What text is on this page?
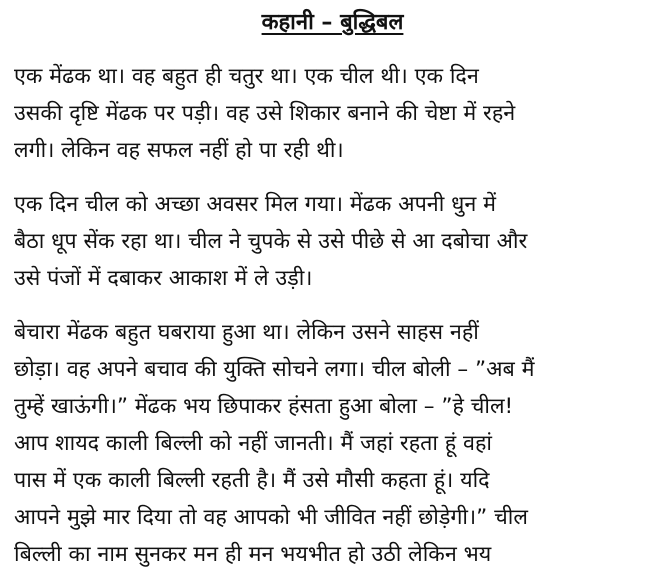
कहानी – बुद्धिबल
एक मेंढक था। वह बहुत ही चतुर था। एक चील थी। एक दिन
उसकी दृष्टि मेंढक पर पड़ी। वह उसे शिकार बनाने की चेष्टा में रहने
लगी। लेकिन वह सफल नहीं हो पा रही थी।
एक दिन चील को अच्छा अवसर मिल गया। मेंढक अपनी धुन में
बैठा धूप सेंक रहा था। चील ने चुपके से उसे पीछे से आ दबोचा और
उसे पंजों में दबाकर आकाश में ले उड़ी।
बेचारा मेंढक बहुत घबराया हुआ था। लेकिन उसने साहस नहीं
छोड़ा। वह अपने बचाव की युक्ति सोचने लगा। चील बोली – ”अब मैं
तुम्हें खाऊंगी।” मेंढक भय छिपाकर हंसता हुआ बोला – ”हे चील!
आप शायद काली बिल्ली को नहीं जानती। मैं जहां रहता हूं वहां
पास में एक काली बिल्ली रहती है। मैं उसे मौसी कहता हूं। यदि
आपने मुझे मार दिया तो वह आपको भी जीवित नहीं छोड़ेगी।” चील
बिल्ली का नाम सुनकर मन ही मन भयभीत हो उठी लेकिन भय
